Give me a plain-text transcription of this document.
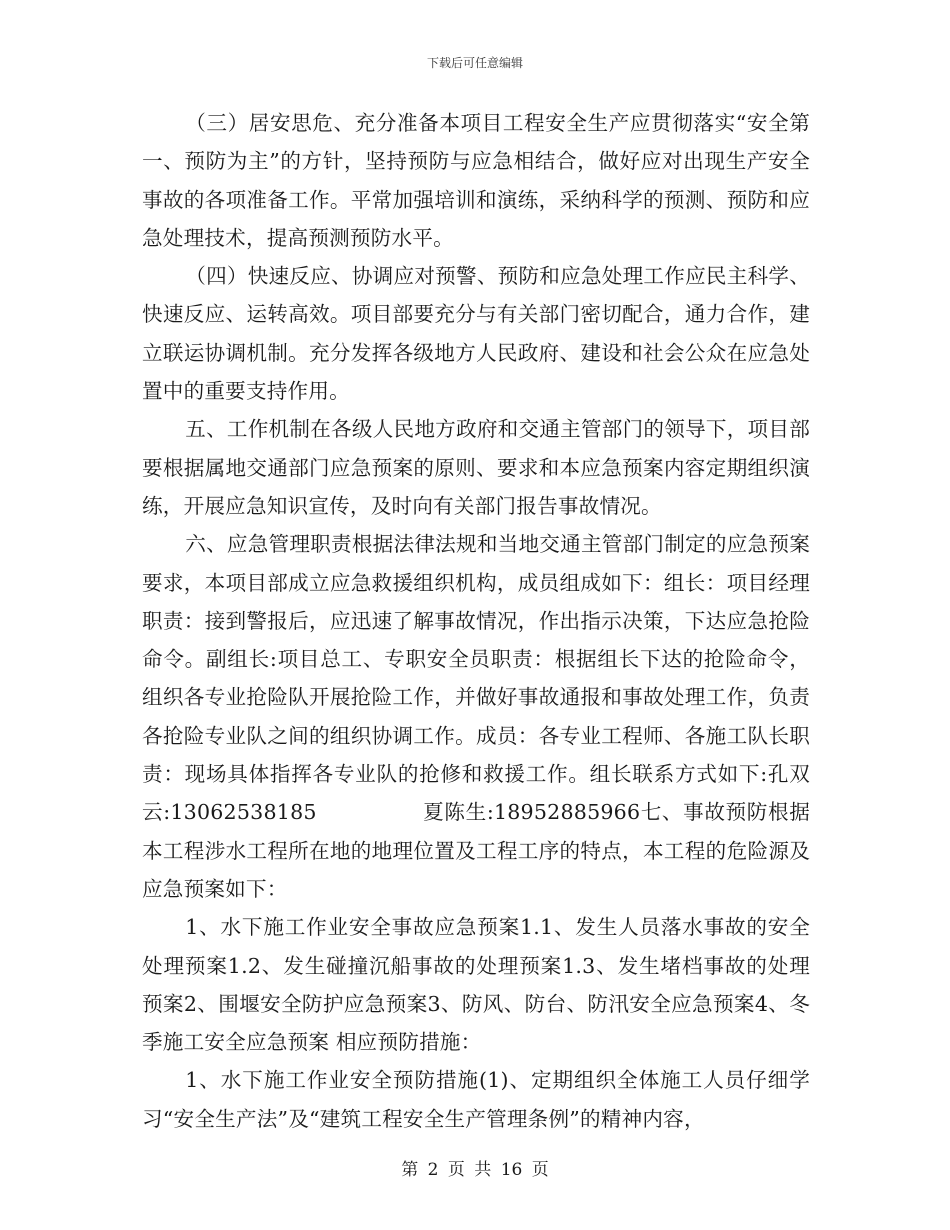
下载后可任意编辑

（三）居安思危、充分准备本项目工程安全生产应贯彻落实“安全第一、预防为主”的方针，坚持预防与应急相结合，做好应对出现生产安全事故的各项准备工作。平常加强培训和演练，采纳科学的预测、预防和应急处理技术，提高预测预防水平。

（四）快速反应、协调应对预警、预防和应急处理工作应民主科学、快速反应、运转高效。项目部要充分与有关部门密切配合，通力合作，建立联运协调机制。充分发挥各级地方人民政府、建设和社会公众在应急处置中的重要支持作用。

五、工作机制在各级人民地方政府和交通主管部门的领导下，项目部要根据属地交通部门应急预案的原则、要求和本应急预案内容定期组织演练，开展应急知识宣传，及时向有关部门报告事故情况。

六、应急管理职责根据法律法规和当地交通主管部门制定的应急预案要求，本项目部成立应急救援组织机构，成员组成如下：组长：项目经理职责：接到警报后，应迅速了解事故情况，作出指示决策，下达应急抢险命令。副组长:项目总工、专职安全员职责：根据组长下达的抢险命令，组织各专业抢险队开展抢险工作，并做好事故通报和事故处理工作，负责各抢险专业队之间的组织协调工作。成员：各专业工程师、各施工队长职责：现场具体指挥各专业队的抢修和救援工作。组长联系方式如下:孔双云:13062538185　　　　　夏陈生:18952885966七、事故预防根据本工程涉水工程所在地的地理位置及工程工序的特点，本工程的危险源及应急预案如下：

1、水下施工作业安全事故应急预案1.1、发生人员落水事故的安全处理预案1.2、发生碰撞沉船事故的处理预案1.3、发生堵档事故的处理预案2、围堰安全防护应急预案3、防风、防台、防汛安全应急预案4、冬季施工安全应急预案 相应预防措施：

1、水下施工作业安全预防措施(1)、定期组织全体施工人员仔细学习“安全生产法”及“建筑工程安全生产管理条例”的精神内容，

第 2 页 共 16 页
